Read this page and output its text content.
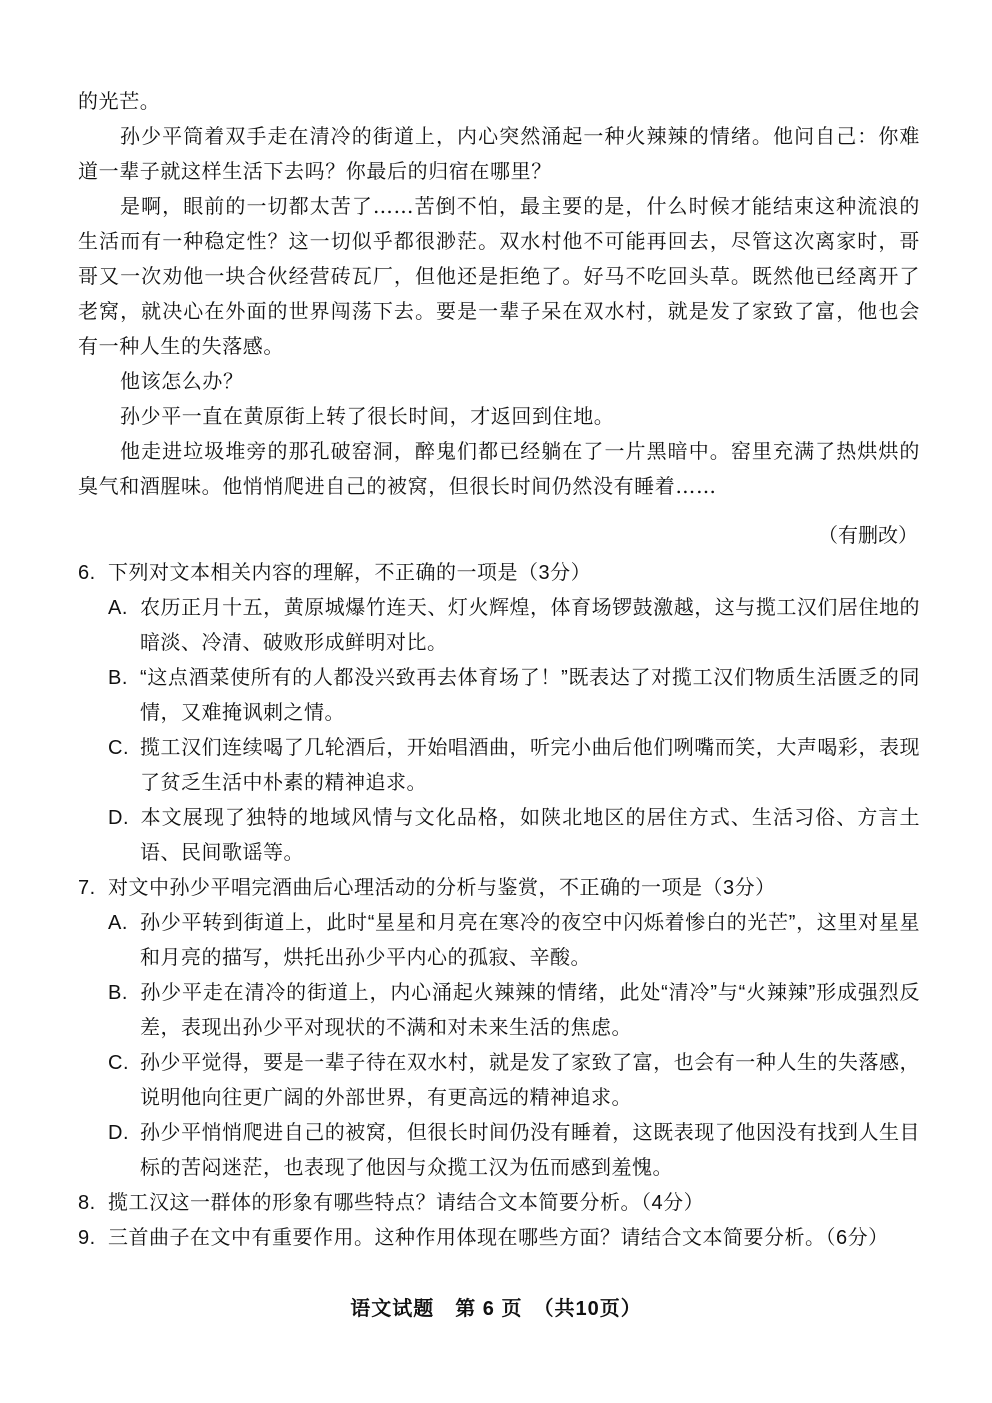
的光芒。

孙少平筒着双手走在清冷的街道上，内心突然涌起一种火辣辣的情绪。他问自己：你难道一辈子就这样生活下去吗？你最后的归宿在哪里？

是啊，眼前的一切都太苦了……苦倒不怕，最主要的是，什么时候才能结束这种流浪的生活而有一种稳定性？这一切似乎都很渺茫。双水村他不可能再回去，尽管这次离家时，哥哥又一次劝他一块合伙经营砖瓦厂，但他还是拒绝了。好马不吃回头草。既然他已经离开了老窝，就决心在外面的世界闯荡下去。要是一辈子呆在双水村，就是发了家致了富，他也会有一种人生的失落感。

他该怎么办？

孙少平一直在黄原街上转了很长时间，才返回到住地。

他走进垃圾堆旁的那孔破窑洞，醉鬼们都已经躺在了一片黑暗中。窑里充满了热烘烘的臭气和酒腥味。他悄悄爬进自己的被窝，但很长时间仍然没有睡着……

（有删改）

6. 下列对文本相关内容的理解，不正确的一项是（3分）

A. 农历正月十五，黄原城爆竹连天、灯火辉煌，体育场锣鼓激越，这与揽工汉们居住地的暗淡、冷清、破败形成鲜明对比。

B. “这点酒菜使所有的人都没兴致再去体育场了！”既表达了对揽工汉们物质生活匮乏的同情，又难掩讽刺之情。

C. 揽工汉们连续喝了几轮酒后，开始唱酒曲，听完小曲后他们咧嘴而笑，大声喝彩，表现了贫乏生活中朴素的精神追求。

D. 本文展现了独特的地域风情与文化品格，如陕北地区的居住方式、生活习俗、方言土语、民间歌谣等。

7. 对文中孙少平唱完酒曲后心理活动的分析与鉴赏，不正确的一项是（3分）

A. 孙少平转到街道上，此时“星星和月亮在寒冷的夜空中闪烁着惨白的光芒”，这里对星星和月亮的描写，烘托出孙少平内心的孤寂、辛酸。

B. 孙少平走在清冷的街道上，内心涌起火辣辣的情绪，此处“清冷”与“火辣辣”形成强烈反差，表现出孙少平对现状的不满和对未来生活的焦虑。

C. 孙少平觉得，要是一辈子待在双水村，就是发了家致了富，也会有一种人生的失落感，说明他向往更广阔的外部世界，有更高远的精神追求。

D. 孙少平悄悄爬进自己的被窝，但很长时间仍没有睡着，这既表现了他因没有找到人生目标的苦闷迷茫，也表现了他因与众揽工汉为伍而感到羞愧。

8. 揽工汉这一群体的形象有哪些特点？请结合文本简要分析。（4分）

9. 三首曲子在文中有重要作用。这种作用体现在哪些方面？请结合文本简要分析。（6分）

语文试题　第 6 页　（共10页）
